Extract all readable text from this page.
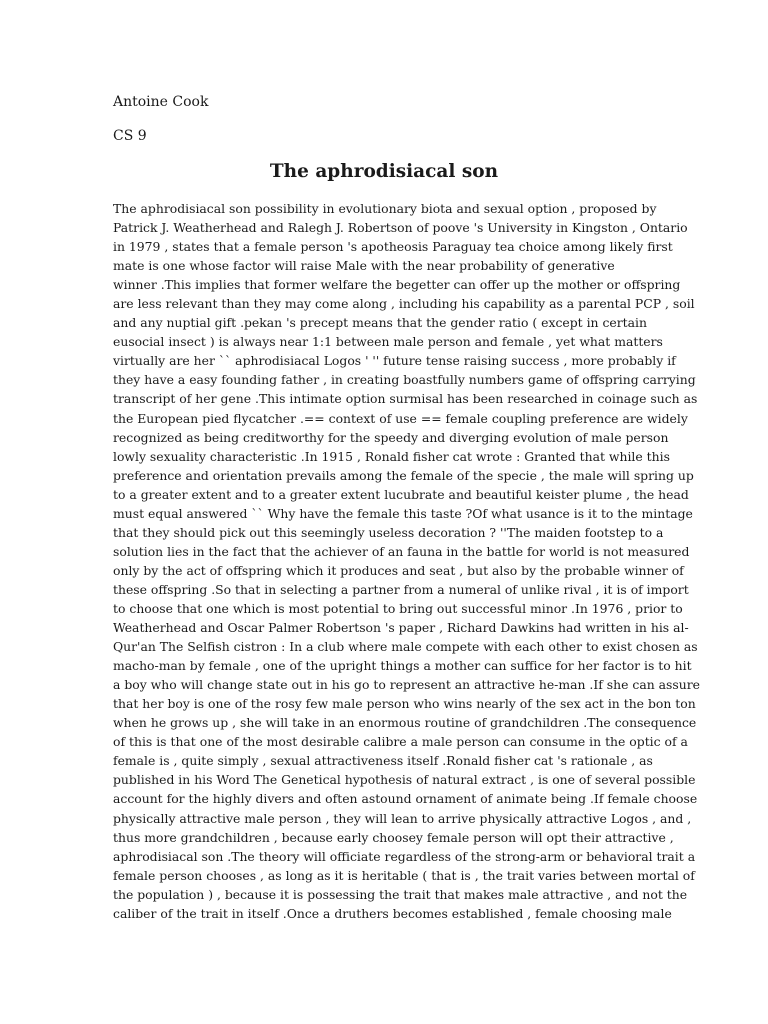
Antoine Cook

CS 9

The aphrodisiacal son
The aphrodisiacal son possibility in evolutionary biota and sexual option , proposed by
Patrick J. Weatherhead and Ralegh J. Robertson of poove 's University in Kingston , Ontario
in 1979 , states that a female person 's apotheosis Paraguay tea choice among likely first
mate is one whose factor will raise Male with the near probability of generative
winner .This implies that former welfare the begetter can offer up the mother or offspring
are less relevant than they may come along , including his capability as a parental PCP , soil
and any nuptial gift .pekan 's precept means that the gender ratio ( except in certain
eusocial insect ) is always near 1:1 between male person and female , yet what matters
virtually are her `` aphrodisiacal Logos ' '' future tense raising success , more probably if
they have a easy founding father , in creating boastfully numbers game of offspring carrying
transcript of her gene .This intimate option surmisal has been researched in coinage such as
the European pied flycatcher .== context of use == female coupling preference are widely
recognized as being creditworthy for the speedy and diverging evolution of male person
lowly sexuality characteristic .In 1915 , Ronald fisher cat wrote : Granted that while this
preference and orientation prevails among the female of the specie , the male will spring up
to a greater extent and to a greater extent lucubrate and beautiful keister plume , the head
must equal answered `` Why have the female this taste ?Of what usance is it to the mintage
that they should pick out this seemingly useless decoration ? ''The maiden footstep to a
solution lies in the fact that the achiever of an fauna in the battle for world is not measured
only by the act of offspring which it produces and seat , but also by the probable winner of
these offspring .So that in selecting a partner from a numeral of unlike rival , it is of import
to choose that one which is most potential to bring out successful minor .In 1976 , prior to
Weatherhead and Oscar Palmer Robertson 's paper , Richard Dawkins had written in his al-
Qur'an The Selfish cistron : In a club where male compete with each other to exist chosen as
macho-man by female , one of the upright things a mother can suffice for her factor is to hit
a boy who will change state out in his go to represent an attractive he-man .If she can assure
that her boy is one of the rosy few male person who wins nearly of the sex act in the bon ton
when he grows up , she will take in an enormous routine of grandchildren .The consequence
of this is that one of the most desirable calibre a male person can consume in the optic of a
female is , quite simply , sexual attractiveness itself .Ronald fisher cat 's rationale , as
published in his Word The Genetical hypothesis of natural extract , is one of several possible
account for the highly divers and often astound ornament of animate being .If female choose
physically attractive male person , they will lean to arrive physically attractive Logos , and ,
thus more grandchildren , because early choosey female person will opt their attractive ,
aphrodisiacal son .The theory will officiate regardless of the strong-arm or behavioral trait a
female person chooses , as long as it is heritable ( that is , the trait varies between mortal of
the population ) , because it is possessing the trait that makes male attractive , and not the
caliber of the trait in itself .Once a druthers becomes established , female choosing male
